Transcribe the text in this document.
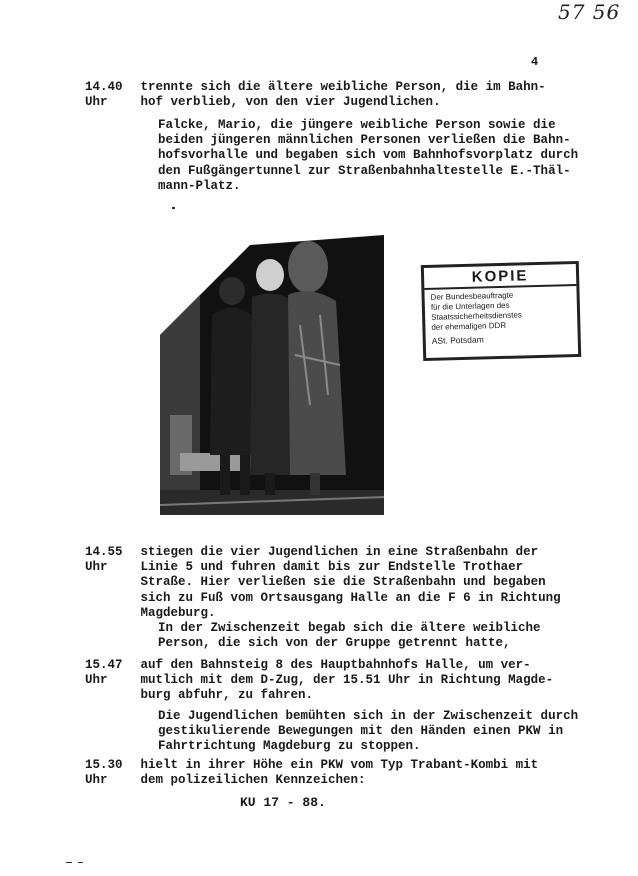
57 56
4
14.40 Uhr trennte sich die ältere weibliche Person, die im Bahn-
hof verblieb, von den vier Jugendlichen.
Falcke, Mario, die jüngere weibliche Person sowie die
beiden jüngeren männlichen Personen verließen die Bahn-
hofsvorhalle und begaben sich vom Bahnhofsvorplatz durch
den Fußgängertunnel zur Straßenbahnhaltestelle E.-Thäl-
mann-Platz.
KOPIE
Der Bundesbeauftragte
für die Unterlagen des
Staatssicherheitsdienstes
der ehemaligen DDR
ASt. Potsdam
14.55 Uhr stiegen die vier Jugendlichen in eine Straßenbahn der
Linie 5 und fuhren damit bis zur Endstelle Trothaer
Straße. Hier verließen sie die Straßenbahn und begaben
sich zu Fuß vom Ortsausgang Halle an die F 6 in Richtung
Magdeburg.
In der Zwischenzeit begab sich die ältere weibliche
Person, die sich von der Gruppe getrennt hatte,
15.47 Uhr auf den Bahnsteig 8 des Hauptbahnhofs Halle, um ver-
mutlich mit dem D-Zug, der 15.51 Uhr in Richtung Magde-
burg abfuhr, zu fahren.
Die Jugendlichen bemühten sich in der Zwischenzeit durch
gestikulierende Bewegungen mit den Händen einen PKW in
Fahrtrichtung Magdeburg zu stoppen.
15.30 Uhr hielt in ihrer Höhe ein PKW vom Typ Trabant-Kombi mit
dem polizeilichen Kennzeichen:
KU 17 - 88.
